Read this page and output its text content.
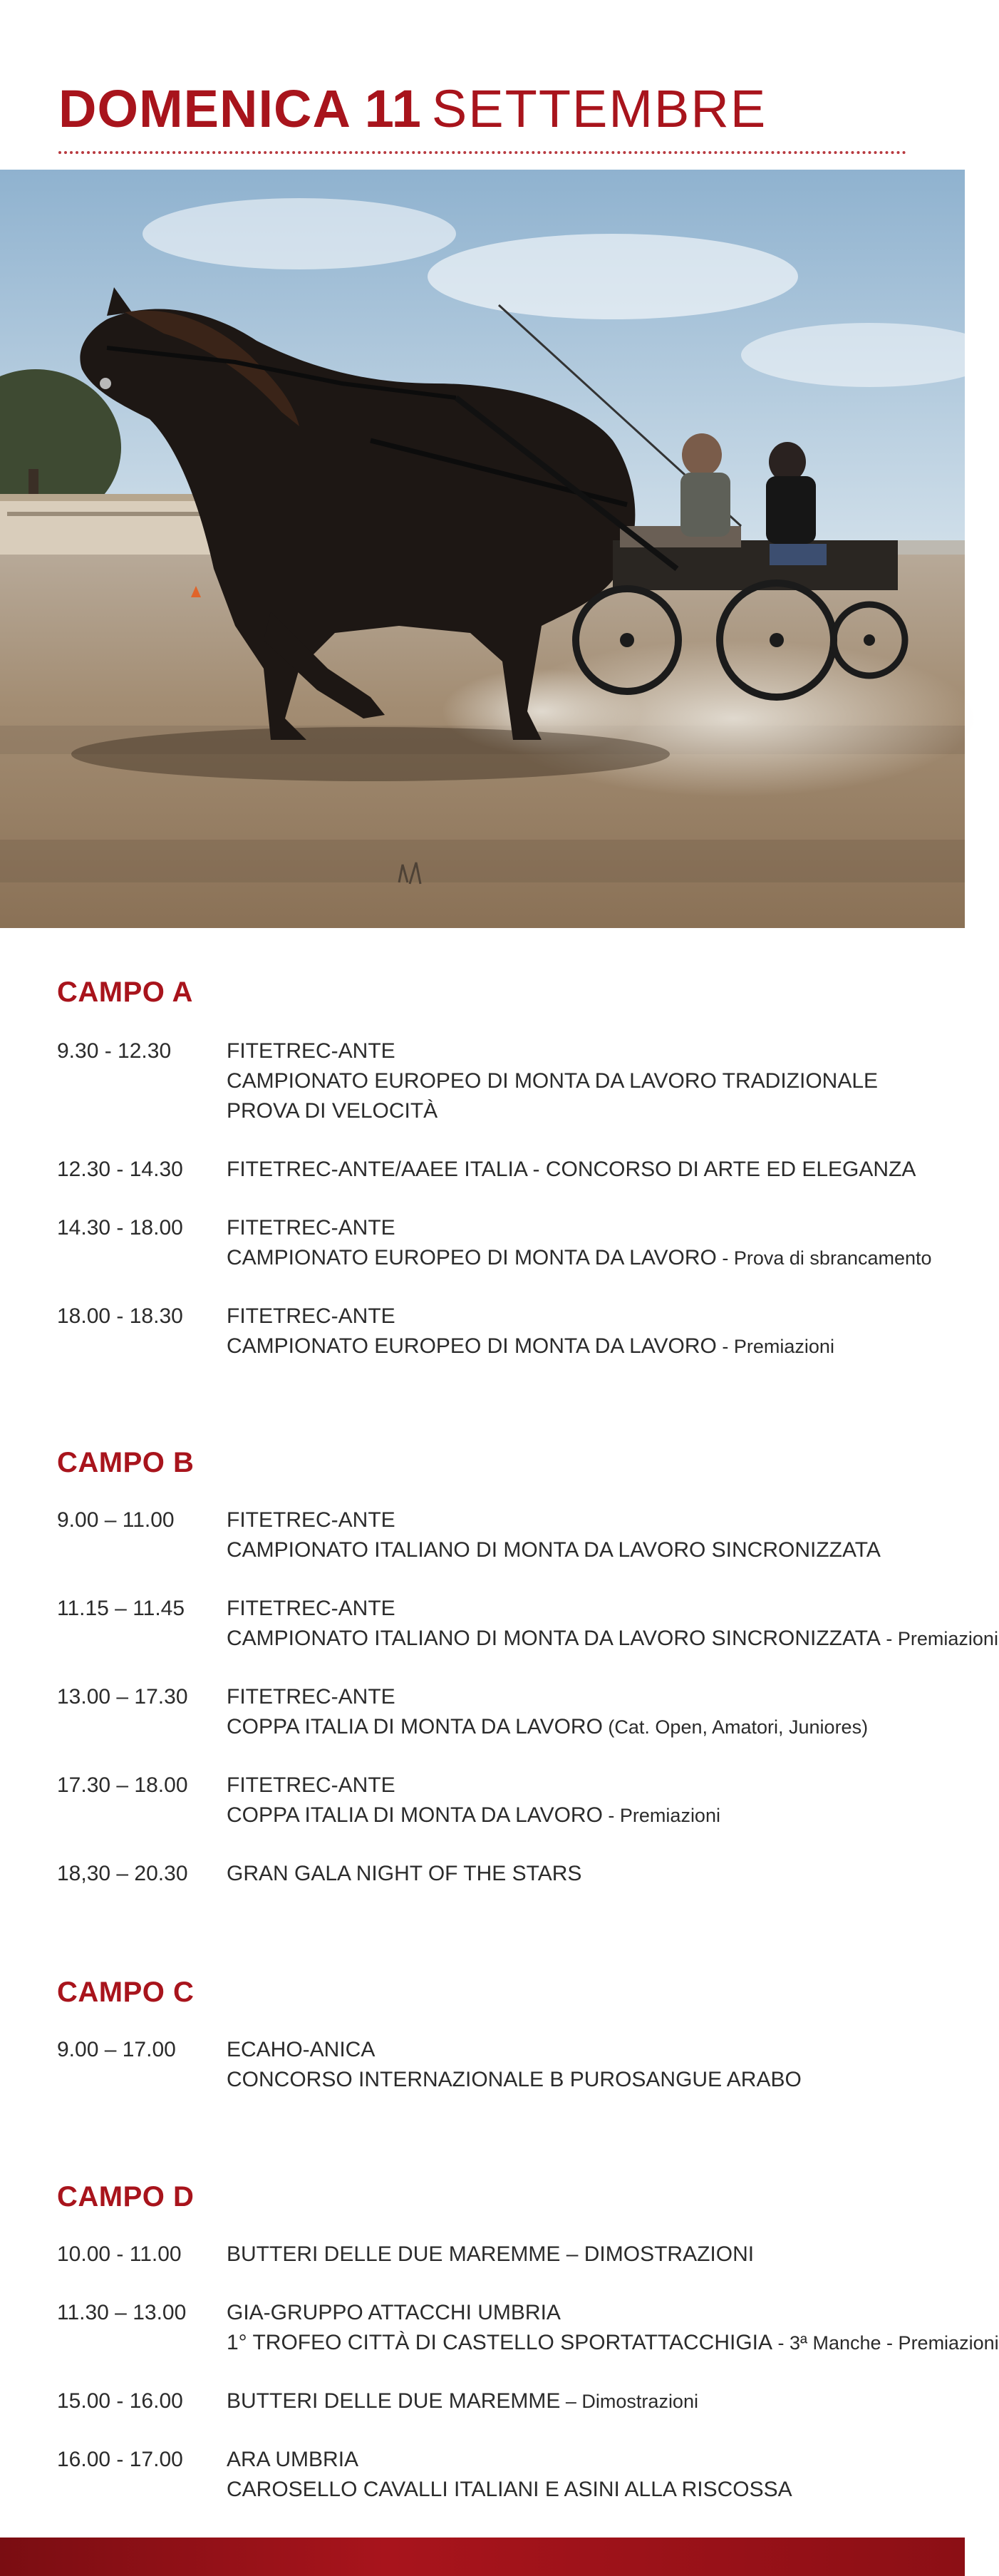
DOMENICA 11 SETTEMBRE
CAMPO A
9.30 - 12.30	FITETREC-ANTE
CAMPIONATO EUROPEO DI MONTA DA LAVORO TRADIZIONALE
PROVA DI VELOCITÀ
12.30 - 14.30 FITETREC-ANTE/AAEE ITALIA - CONCORSO DI ARTE ED ELEGANZA
14.30 - 18.00 FITETREC-ANTE
CAMPIONATO EUROPEO DI MONTA DA LAVORO - Prova di sbrancamento
18.00 - 18.30 FITETREC-ANTE
CAMPIONATO EUROPEO DI MONTA DA LAVORO - Premiazioni
CAMPO B
9.00 – 11.00 FITETREC-ANTE
CAMPIONATO ITALIANO DI MONTA DA LAVORO SINCRONIZZATA
11.15 – 11.45 FITETREC-ANTE
CAMPIONATO ITALIANO DI MONTA DA LAVORO SINCRONIZZATA - Premiazioni
13.00 – 17.30 FITETREC-ANTE
COPPA ITALIA DI MONTA DA LAVORO (Cat. Open, Amatori, Juniores)
17.30 – 18.00 FITETREC-ANTE
COPPA ITALIA DI MONTA DA LAVORO - Premiazioni
18,30 – 20.30 GRAN GALA NIGHT OF THE STARS
CAMPO C
9.00 – 17.00 ECAHO-ANICA
CONCORSO INTERNAZIONALE B PUROSANGUE ARABO
CAMPO D
10.00 - 11.00 BUTTERI DELLE DUE MAREMME – DIMOSTRAZIONI
11.30 – 13.00 GIA-GRUPPO ATTACCHI UMBRIA
1° TROFEO CITTÀ DI CASTELLO SPORTATTACCHIGIA - 3ª Manche - Premiazioni
15.00 - 16.00 BUTTERI DELLE DUE MAREMME – Dimostrazioni
16.00 - 17.00 ARA UMBRIA
CAROSELLO CAVALLI ITALIANI E ASINI ALLA RISCOSSA
